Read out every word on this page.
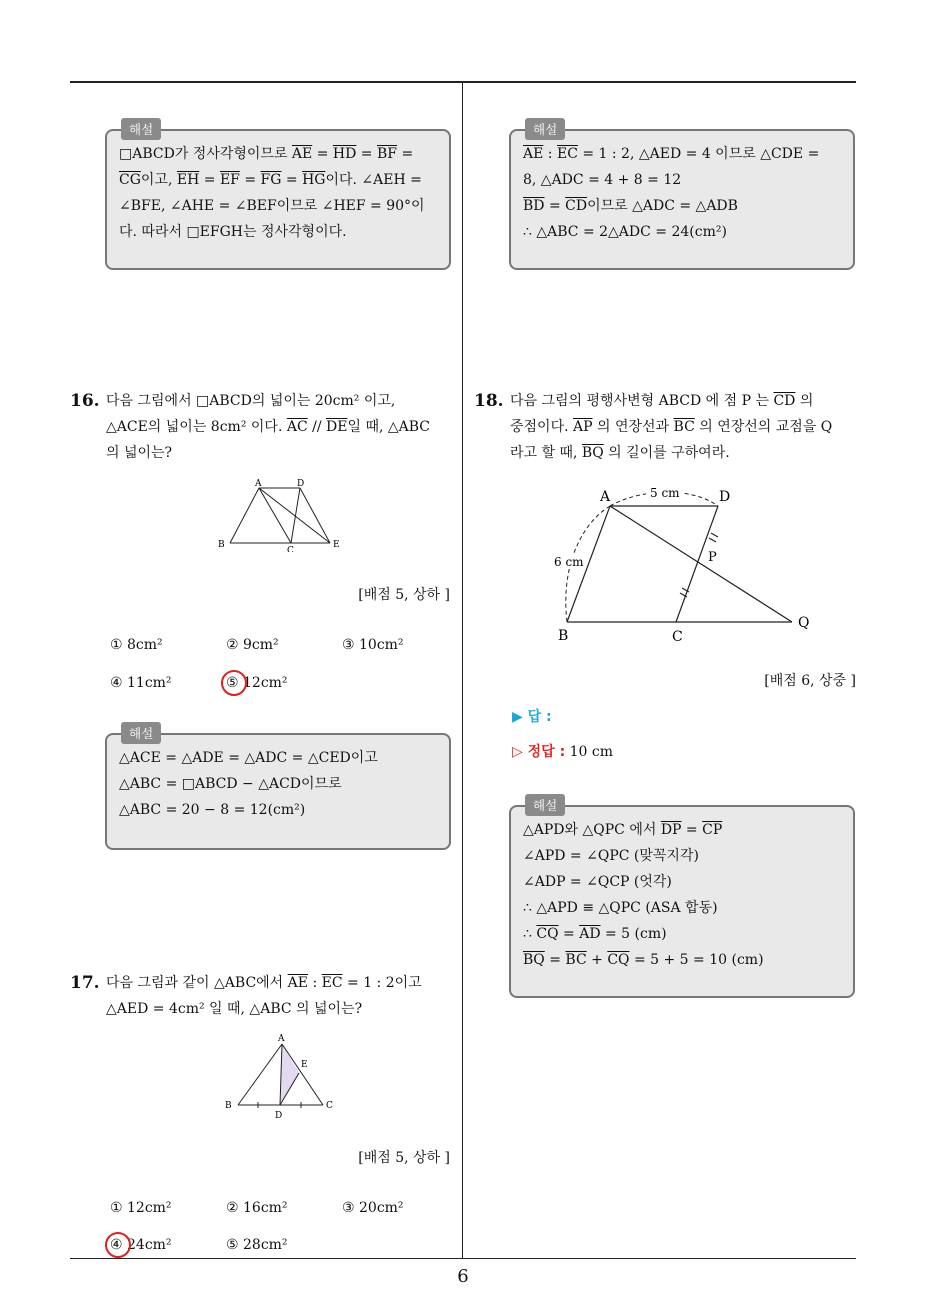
해설
□ABCD가 정사각형이므로 $\overline{AE} = \overline{HD} = \overline{BF}$ =
$\overline{CG}$이고, $\overline{EH} = \overline{EF} = \overline{FG} = \overline{HG}$이다. ∠AEH =
∠BFE, ∠AHE = ∠BEF이므로 ∠HEF = 90°이
다. 따라서 □EFGH는 정사각형이다.
16. 다음 그림에서 □ABCD의 넓이는 20cm² 이고,
△ACE의 넓이는 8cm² 이다. $\overline{AC} // \overline{DE}$일 때, △ABC
의 넓이는?
A	D
B
C
E
[배점 5, 상하 ]
① 8cm²	② 9cm²	③ 10cm²
④ 11cm²	⑤ 12cm²
해설
△ACE = △ADE = △ADC = △CED이고
△ABC = □ABCD − △ACD이므로
△ABC = 20 − 8 = 12(cm²)
17. 다음 그림과 같이 △ABC에서 $\overline{AE}$ : $\overline{EC} = 1$ : 2이고
△AED = 4cm² 일 때, △ABC 의 넓이는?
A
E
B
D
C
[배점 5, 상하 ]
① 12cm²	② 16cm²	③ 20cm²
④ 24cm²	⑤ 28cm²
해설
$\overline{AE}$ : $\overline{EC} = 1$ : 2, △AED = 4 이므로 △CDE =
8, △ADC = 4 + 8 = 12
$\overline{BD} = \overline{CD}$이므로 △ADC = △ADB
∴ △ABC = 2△ADC = 24(cm²)
18. 다음 그림의 평행사변형 ABCD 에 점 P 는 $\overline{CD}$ 의
중점이다. $\overline{AP}$ 의 연장선과 $\overline{BC}$ 의 연장선의 교점을 Q
라고 할 때, $\overline{BQ}$ 의 길이를 구하여라.
A	D
5 cm
6 cm	P
B	C
Q
[배점 6, 상중 ]
▶ 답 :
▷ 정답 : 10 cm
해설
△APD와 △QPC 에서 $\overline{DP} = \overline{CP}$
∠APD = ∠QPC (맞꼭지각)
∠ADP = ∠QCP (엇각)
∴ △APD ≡ △QPC (ASA 합동)
∴ $\overline{CQ} = \overline{AD} = 5$ (cm)
$\overline{BQ} = \overline{BC} + \overline{CQ} = 5 + 5 = 10$ (cm)
6
